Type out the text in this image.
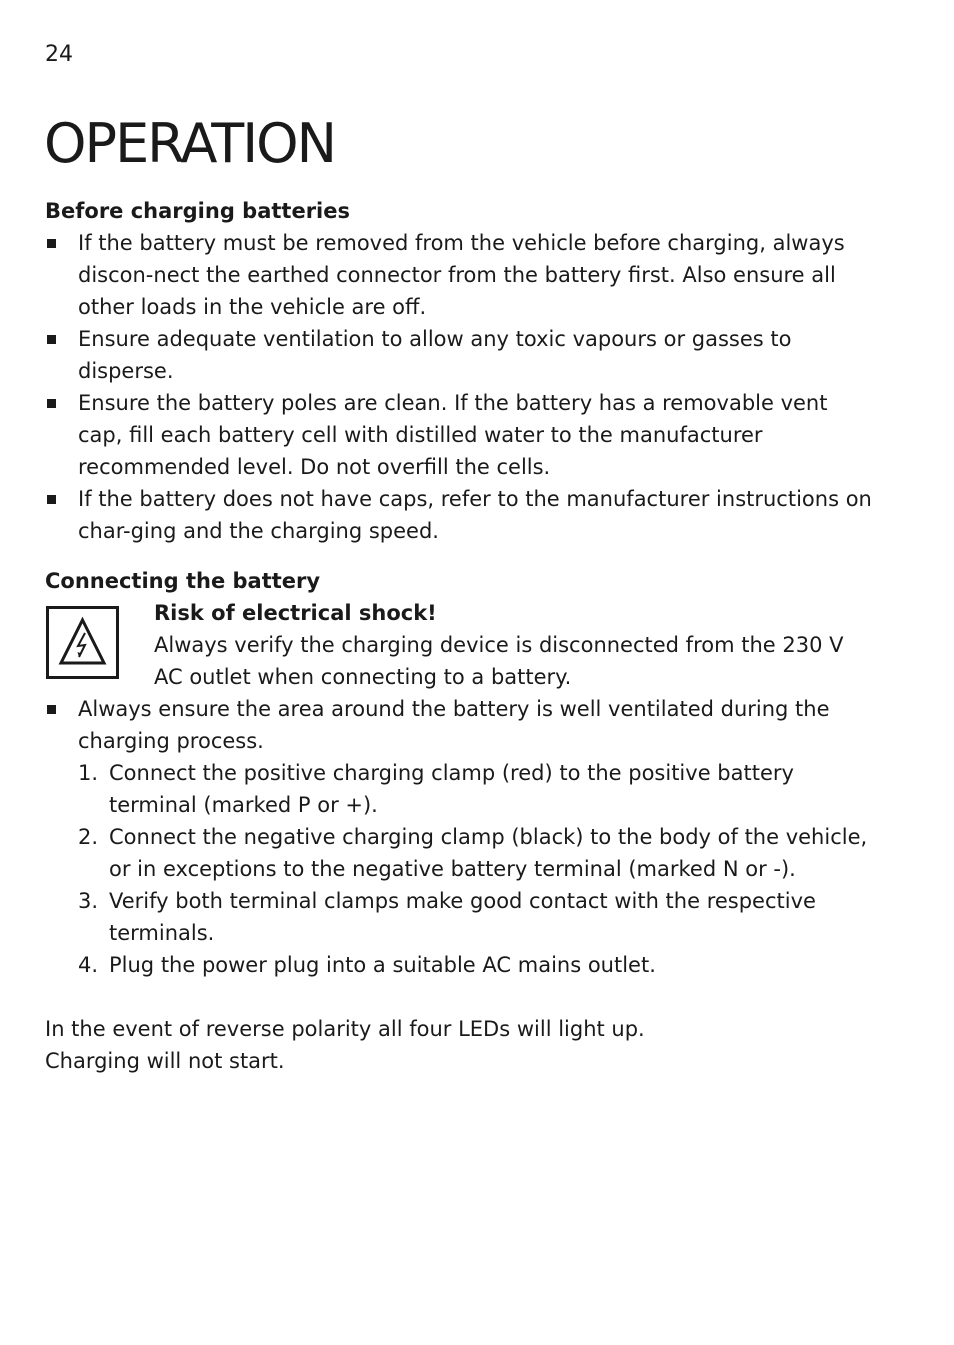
24
OPERATION

Before charging batteries

If the battery must be removed from the vehicle before charging, always discon-nect the earthed connector from the battery first. Also ensure all other loads in the vehicle are off.
Ensure adequate ventilation to allow any toxic vapours or gasses to disperse.
Ensure the battery poles are clean. If the battery has a removable vent cap, fill each battery cell with distilled water to the manufacturer recommended level. Do not overfill the cells.
If the battery does not have caps, refer to the manufacturer instructions on char-ging and the charging speed.

Connecting the battery

Risk of electrical shock!
Always verify the charging device is disconnected from the 230 V AC outlet when connecting to a battery.
Always ensure the area around the battery is well ventilated during the charging process.
1. Connect the positive charging clamp (red) to the positive battery terminal (marked P or +).
2. Connect the negative charging clamp (black) to the body of the vehicle, or in exceptions to the negative battery terminal (marked N or -).
3. Verify both terminal clamps make good contact with the respective terminals.
4. Plug the power plug into a suitable AC mains outlet.
In the event of reverse polarity all four LEDs will light up.
Charging will not start.
